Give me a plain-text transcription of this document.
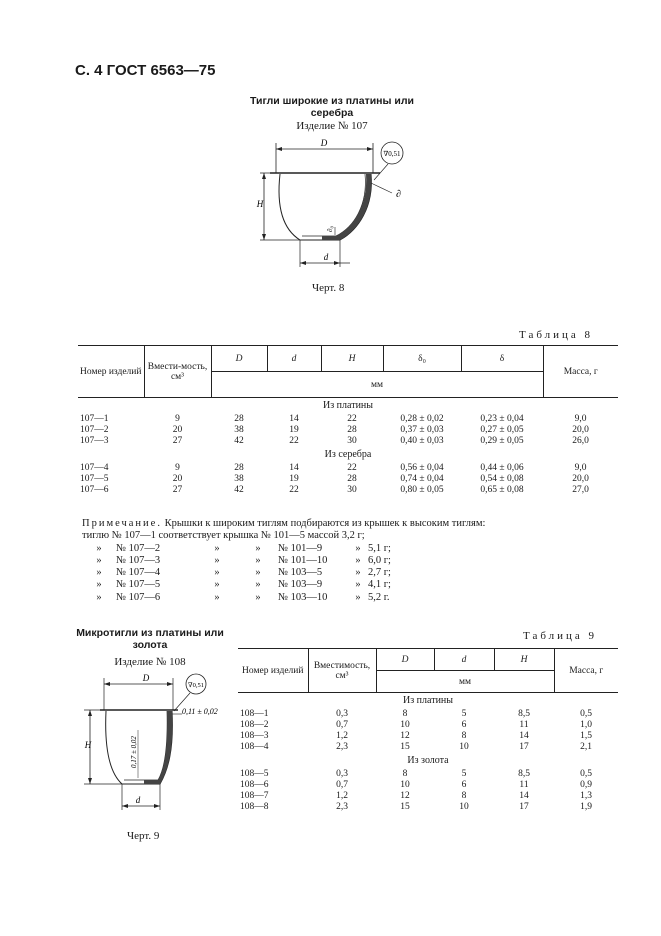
С. 4 ГОСТ 6563—75
Тигли широкие из платины или
серебра
Изделие № 107
D
∂₀
H
d
∇0,51
∂
Черт. 8
Таблица 8
Номер изделий	Вмести-мость, см³	D	d	H	δ₀	δ	Масса, г
		мм					
Из платины							
107—1	9	28	14	22	0,28 ± 0,02	0,23 ± 0,04	9,0
107—2	20	38	19	28	0,37 ± 0,03	0,27 ± 0,05	20,0
107—3	27	42	22	30	0,40 ± 0,03	0,29 ± 0,05	26,0
Из серебра							
107—4	9	28	14	22	0,56 ± 0,04	0,44 ± 0,06	9,0
107—5	20	38	19	28	0,74 ± 0,04	0,54 ± 0,08	20,0
107—6	27	42	22	30	0,80 ± 0,05	0,65 ± 0,08	27,0
Примечание. Крышки к широким тиглям подбираются из крышек к высоким тиглям:
тиглю № 107—1 соответствует крышка № 101—5 массой 3,2 г;
»	№ 107—2	»	»	№ 101—9	» 5,1 г;
»	№ 107—3	»	»	№ 101—10	» 6,0 г;
»	№ 107—4	»	»	№ 103—5	» 2,7 г;
»	№ 107—5	»	»	№ 103—9	» 4,1 г;
»	№ 107—6	»	»	№ 103—10	» 5,2 г.
Микротигли из платины или
золота
Изделие № 108
D
H	0,17 ± 0,02
d
∇0,51
0,11 ± 0,02
Черт. 9
Таблица 9
Номер изделий	Вместимость, см³	D	d	H	Масса, г
		мм			
Из платины					
108—1	0,3	8	5	8,5	0,5
108—2	0,7	10	6	11	1,0
108—3	1,2	12	8	14	1,5
108—4	2,3	15	10	17	2,1
Из золота					
108—5	0,3	8	5	8,5	0,5
108—6	0,7	10	6	11	0,9
108—7	1,2	12	8	14	1,3
108—8	2,3	15	10	17	1,9
